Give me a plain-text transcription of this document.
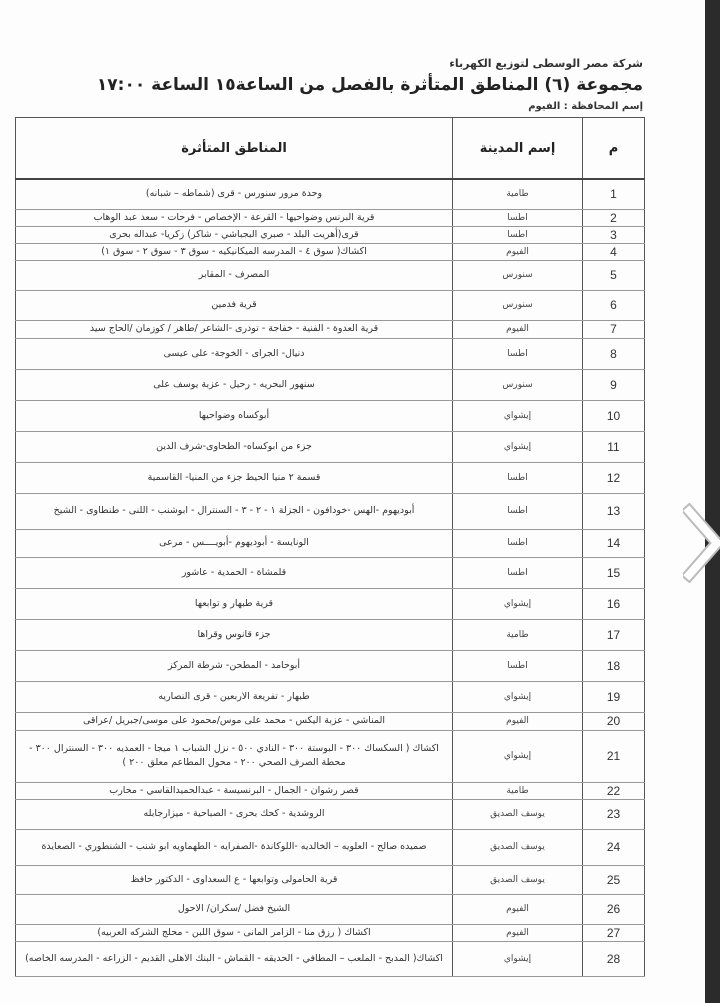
شركة مصر الوسطى لتوزيع الكهرباء
مجموعة (٦) المناطق المتأثرة بالفصل من الساعة١٥ الساعة ١٧:٠٠
إسم المحافظة : الفيوم
م	إسم المدينة	المناطق المتأثرة
1	طامية	وحدة مرور سنورس - قرى (شماطه – شبانه)
2	اطسا	قرية البرنس وضواحيها - القرعة - الإخصاص - فرحات - سعد عبد الوهاب
3	اطسا	قرى(أهريت البلد - صبري البجباشي - شاكر) زكريا- عبداله بحرى
4	الفيوم	اكشاك( سوق ٤ - المدرسه الميكانيكيه - سوق ٣ - سوق ٢ - سوق ١)
5	سنورس	المصرف - المقابر
6	سنورس	قرية فدمين
7	الفيوم	قرية العدوة - الفنية - خفاجة - تودرى -الشاعر /طاهر / كوزمان /الحاج سيد
8	اطسا	دنيال- الجراى - الخوجة- على عيسى
9	سنورس	سنهور البحريه - رحيل - عزبة يوسف على
10	إيشواي	أبوكساه وضواحيها
11	إيشواي	جزء من ابوكساه- الطحاوى-شرف الدين
12	اطسا	قسمة ٢ منيا الحيط جزء من المنيا- القاسمية
13	اطسا	أبوديهوم -الهس -خودافون - الجزلة ١ - ٢ - ٣ - السنترال - ابوشنب - اللنى - طنطاوى - الشيخ
14	اطسا	الونايسة - أبوديهوم -أبويــــس - مرعى
15	اطسا	قلمشاة - الحمدية - عاشور
16	إيشواي	قرية طبهار و توابعها
17	طامية	جزء قانوس وقراها
18	اطسا	أبوحامد - المطحن- شرطة المركز
19	إيشواي	طبهار - تفريعة الاربعين - قرى النصاريه
20	الفيوم	المناشي - عزبة اليكس - محمد على موس/محمود على موسى/جبريل /عراقى
21	إيشواي	اكشاك ( السكساك ٣٠٠ - البوستة ٣٠٠ - النادي ٥٠٠ - نزل الشباب ١ ميجا - العمديه ٣٠٠ - السنترال ٣٠٠ - محطة الصرف الصحي ٢٠٠ - محول المطاعم معلق ٢٠٠ )
22	طامية	قصر رشوان - الجمال - البرنسيسة - عبدالحميدالقاسي - محارب
23	يوسف الصديق	الروشدية - كحك بحرى - الصباحية - ميزارجابله
24	يوسف الصديق	صميده صالح - العلويه – الخالديه -اللوكاندة -الصفرايه - الطهماويه ابو شنب - الشنطوري - الصعايدة
25	يوسف الصديق	قرية الحامولى وتوابعها - ع السعداوى - الدكتور حافظ
26	الفيوم	الشيخ فضل /سكران/ الاحول
27	الفيوم	اكشاك ( رزق منا - الزامر المانى - سوق اللبن - محلج الشركه العربيه)
28	إيشواي	اكشاك( المدبح - الملعب – المطافي - الحديقه - القماش - البنك الاهلى القديم - الزراعه - المدرسه الخاصه)
